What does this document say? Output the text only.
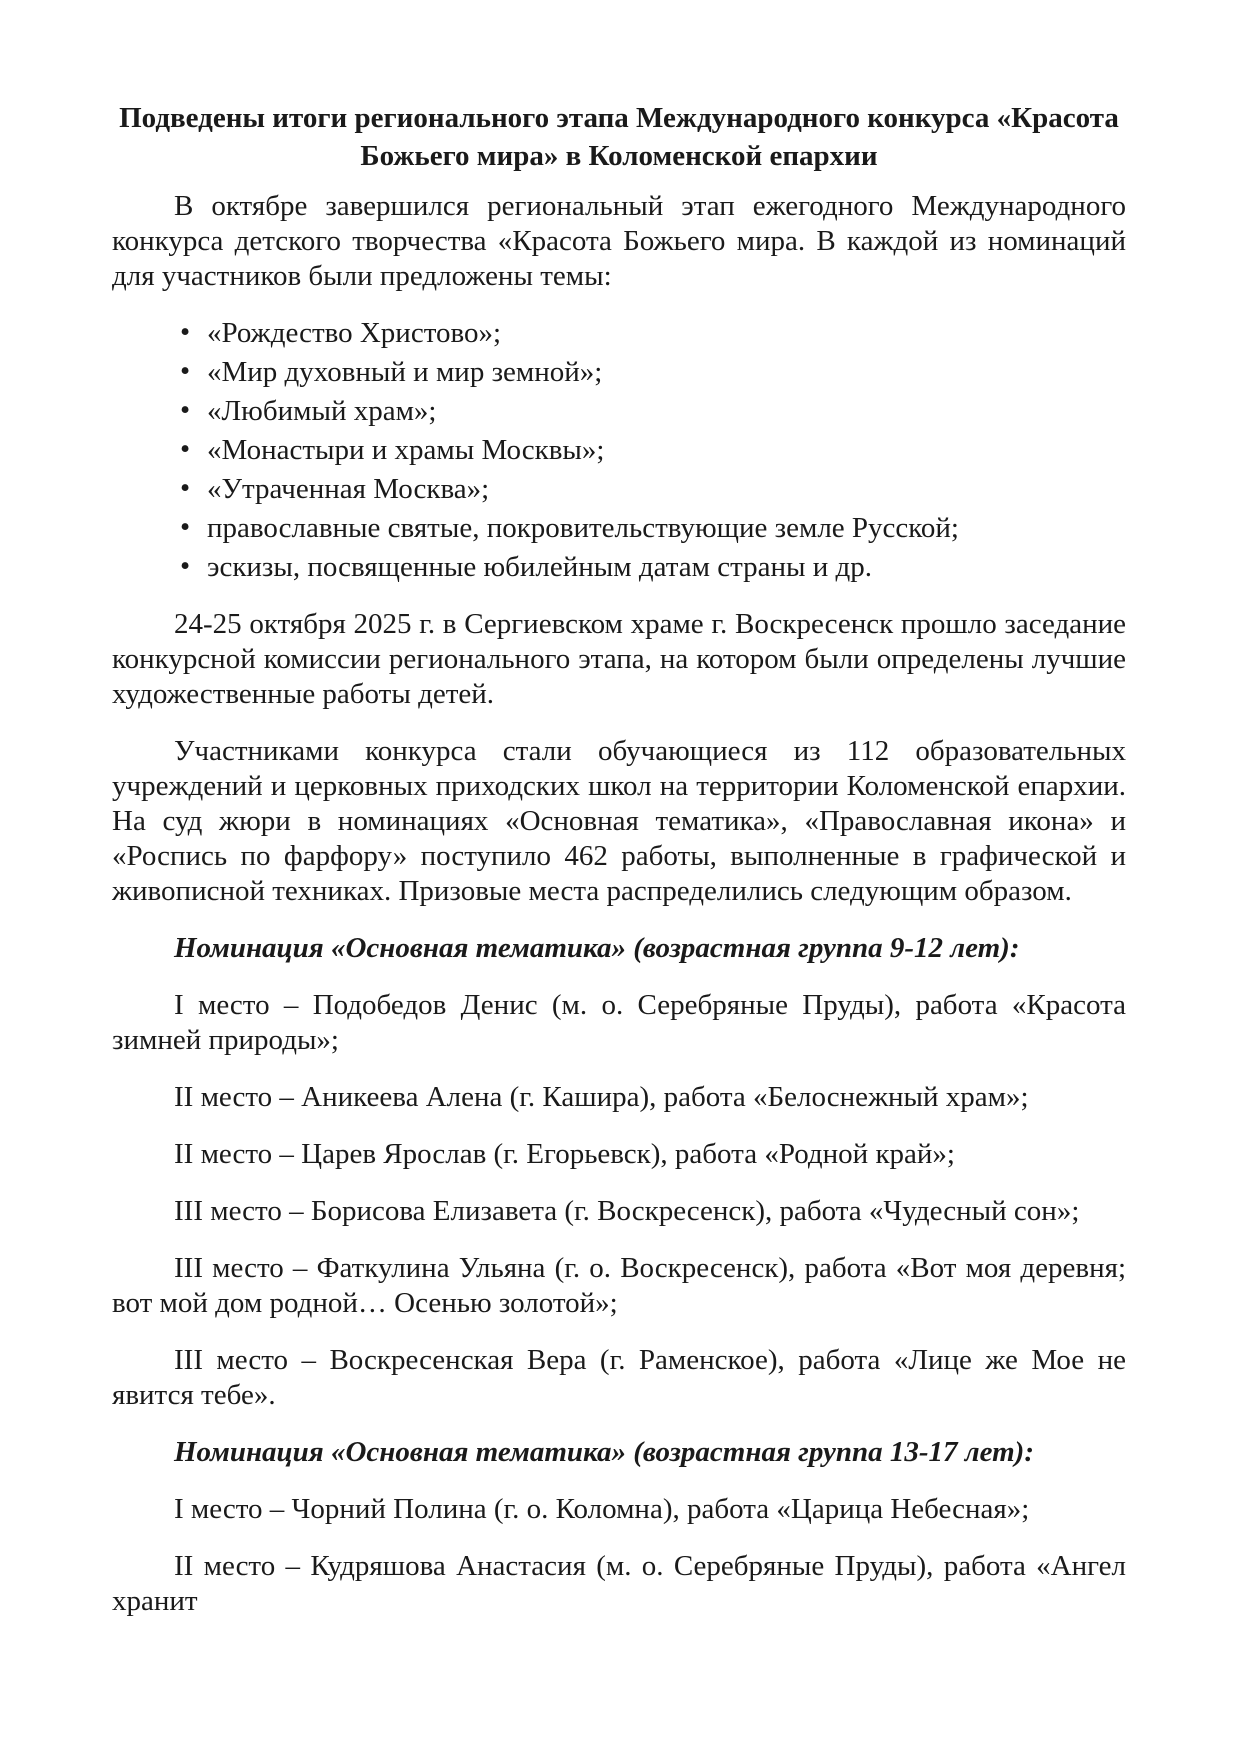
Подведены итоги регионального этапа Международного конкурса «Красота Божьего мира» в Коломенской епархии

В октябре завершился региональный этап ежегодного Международного конкурса детского творчества «Красота Божьего мира. В каждой из номинаций для участников были предложены темы:

• «Рождество Христово»;
• «Мир духовный и мир земной»;
• «Любимый храм»;
• «Монастыри и храмы Москвы»;
• «Утраченная Москва»;
• православные святые, покровительствующие земле Русской;
• эскизы, посвященные юбилейным датам страны и др.

24-25 октября 2025 г. в Сергиевском храме г. Воскресенск прошло заседание конкурсной комиссии регионального этапа, на котором были определены лучшие художественные работы детей.

Участниками конкурса стали обучающиеся из 112 образовательных учреждений и церковных приходских школ на территории Коломенской епархии. На суд жюри в номинациях «Основная тематика», «Православная икона» и «Роспись по фарфору» поступило 462 работы, выполненные в графической и живописной техниках. Призовые места распределились следующим образом.

Номинация «Основная тематика» (возрастная группа 9-12 лет):

I место – Подобедов Денис (м. о. Серебряные Пруды), работа «Красота зимней природы»;

II место – Аникеева Алена (г. Кашира), работа «Белоснежный храм»;

II место – Царев Ярослав (г. Егорьевск), работа «Родной край»;

III место – Борисова Елизавета (г. Воскресенск), работа «Чудесный сон»;

III место – Фаткулина Ульяна (г. о. Воскресенск), работа «Вот моя деревня; вот мой дом родной… Осенью золотой»;

III место – Воскресенская Вера (г. Раменское), работа «Лице же Мое не явится тебе».

Номинация «Основная тематика» (возрастная группа 13-17 лет):

I место – Чорний Полина (г. о. Коломна), работа «Царица Небесная»;

II место – Кудряшова Анастасия (м. о. Серебряные Пруды), работа «Ангел хранит
